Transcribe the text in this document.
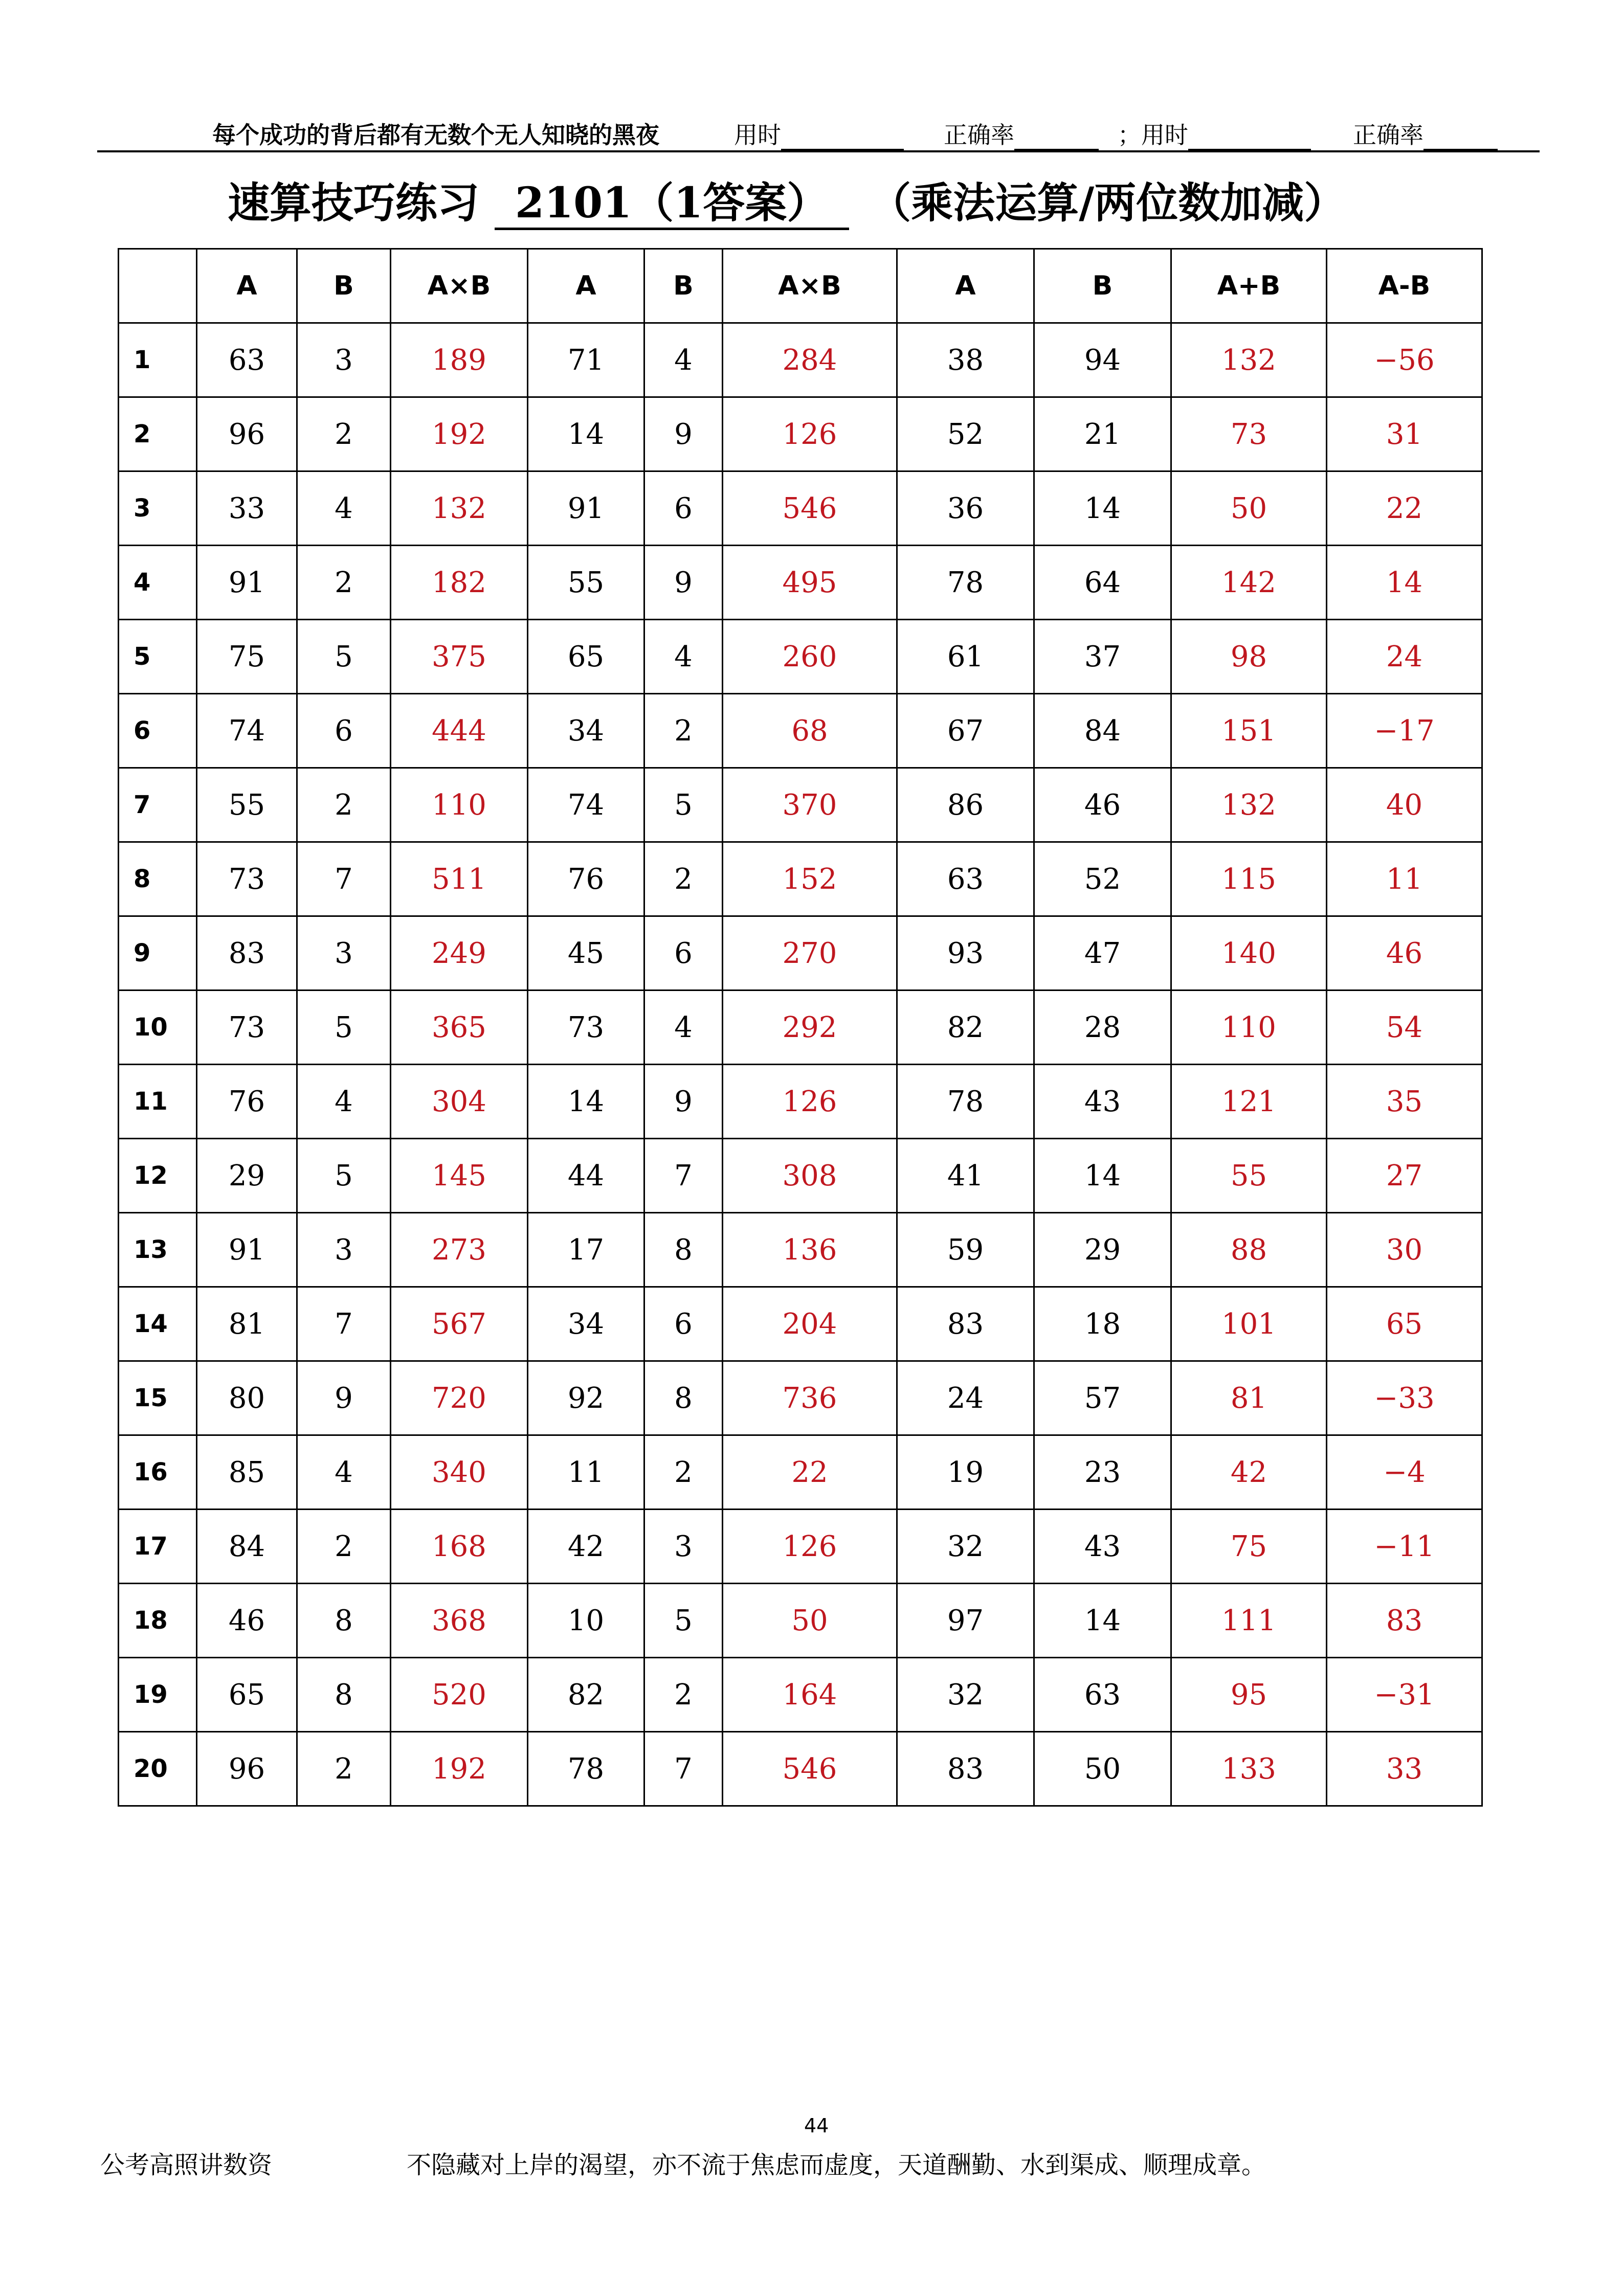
每个成功的背后都有无数个无人知晓的黑夜	用时	正确率	；用时	正确率
速算技巧练习 2101（1答案） （乘法运算/两位数加减）
	A	B	A×B	A	B	A×B	A	B	A+B	A-B
1	63	3	189	71	4	284	38	94	132	−56
2	96	2	192	14	9	126	52	21	73	31
3	33	4	132	91	6	546	36	14	50	22
4	91	2	182	55	9	495	78	64	142	14
5	75	5	375	65	4	260	61	37	98	24
6	74	6	444	34	2	68	67	84	151	−17
7	55	2	110	74	5	370	86	46	132	40
8	73	7	511	76	2	152	63	52	115	11
9	83	3	249	45	6	270	93	47	140	46
10	73	5	365	73	4	292	82	28	110	54
11	76	4	304	14	9	126	78	43	121	35
12	29	5	145	44	7	308	41	14	55	27
13	91	3	273	17	8	136	59	29	88	30
14	81	7	567	34	6	204	83	18	101	65
15	80	9	720	92	8	736	24	57	81	−33
16	85	4	340	11	2	22	19	23	42	−4
17	84	2	168	42	3	126	32	43	75	−11
18	46	8	368	10	5	50	97	14	111	83
19	65	8	520	82	2	164	32	63	95	−31
20	96	2	192	78	7	546	83	50	133	33
44
公考高照讲数资	不隐藏对上岸的渴望，亦不流于焦虑而虚度，天道酬勤、水到渠成、顺理成章。
